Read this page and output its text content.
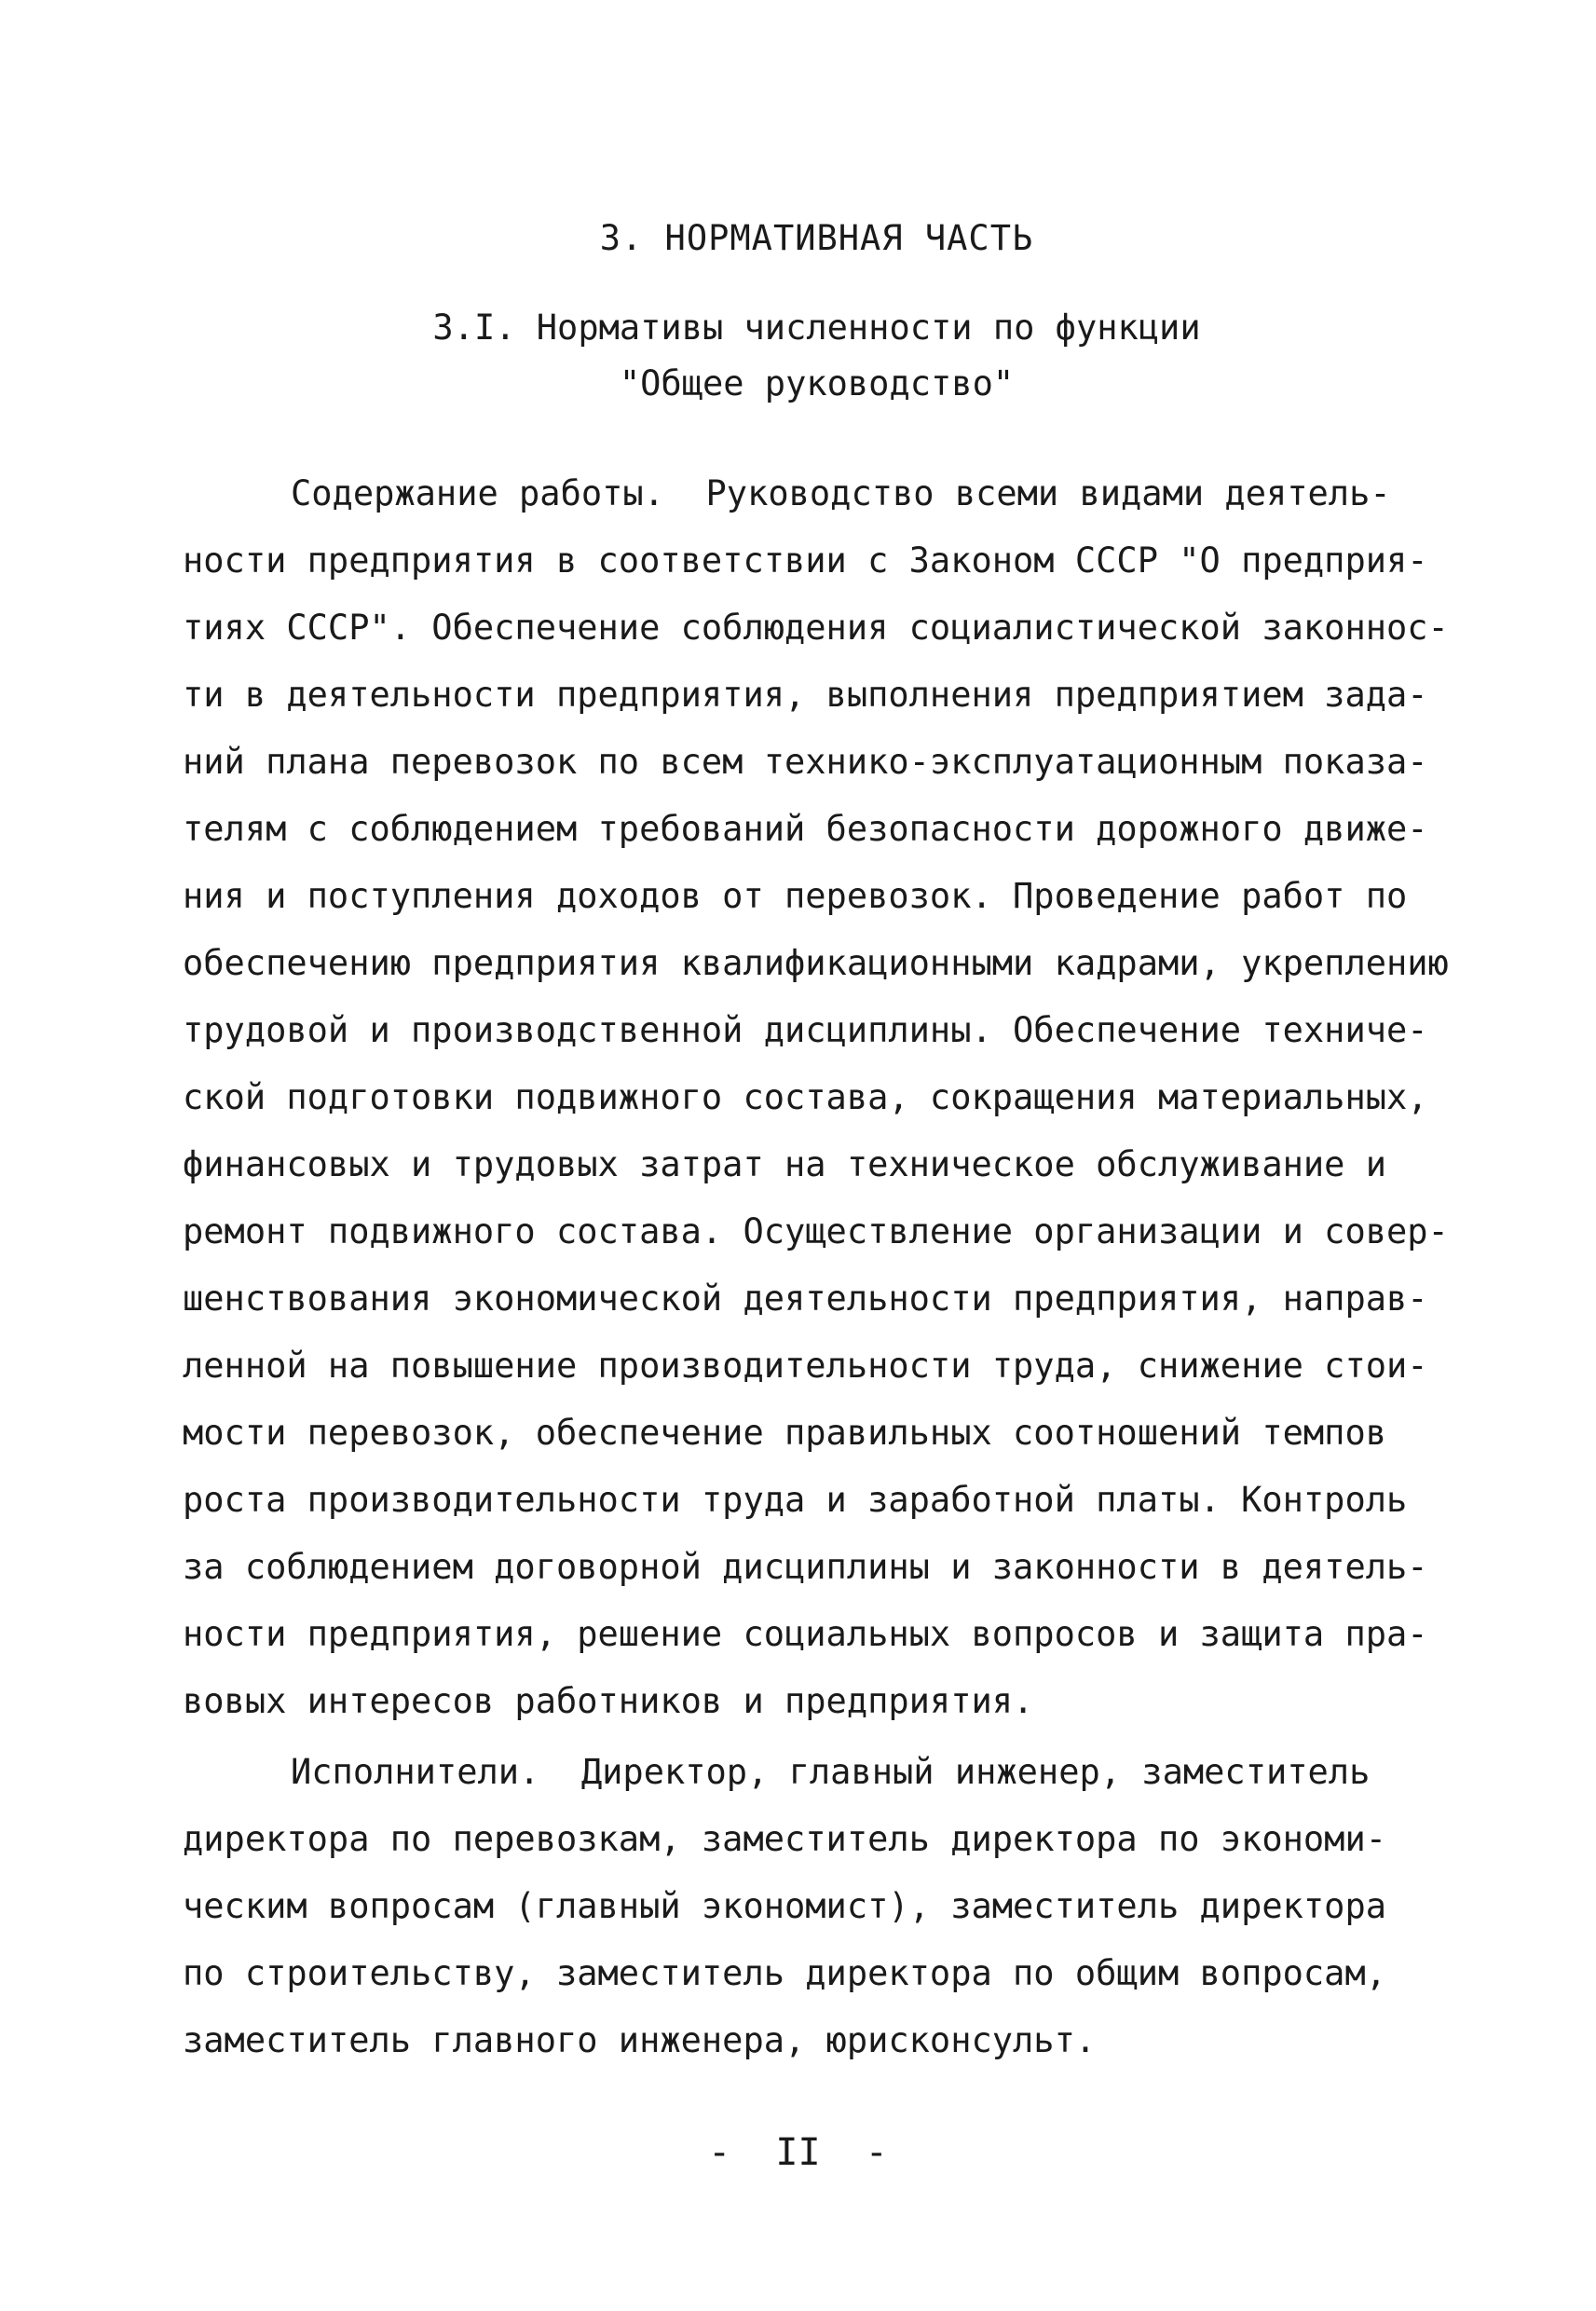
3. НОРМАТИВНАЯ ЧАСТЬ
3.I. Нормативы численности по функции
"Общее руководство"
Содержание работы.  Руководство всеми видами деятель-
ности предприятия в соответствии с Законом СССР "О предприя-
тиях СССР". Обеспечение соблюдения социалистической законнос-
ти в деятельности предприятия, выполнения предприятием зада-
ний плана перевозок по всем технико-эксплуатационным показа-
телям с соблюдением требований безопасности дорожного движе-
ния и поступления доходов от перевозок. Проведение работ по
обеспечению предприятия квалификационными кадрами, укреплению
трудовой и производственной дисциплины. Обеспечение техниче-
ской подготовки подвижного состава, сокращения материальных,
финансовых и трудовых затрат на техническое обслуживание и
ремонт подвижного состава. Осуществление организации и совер-
шенствования экономической деятельности предприятия, направ-
ленной на повышение производительности труда, снижение стои-
мости перевозок, обеспечение правильных соотношений темпов
роста производительности труда и заработной платы. Контроль
за соблюдением договорной дисциплины и законности в деятель-
ности предприятия, решение социальных вопросов и защита пра-
вовых интересов работников и предприятия.
Исполнители.  Директор, главный инженер, заместитель
директора по перевозкам, заместитель директора по экономи-
ческим вопросам (главный экономист), заместитель директора
по строительству, заместитель директора по общим вопросам,
заместитель главного инженера, юрисконсульт.
-  II  -
